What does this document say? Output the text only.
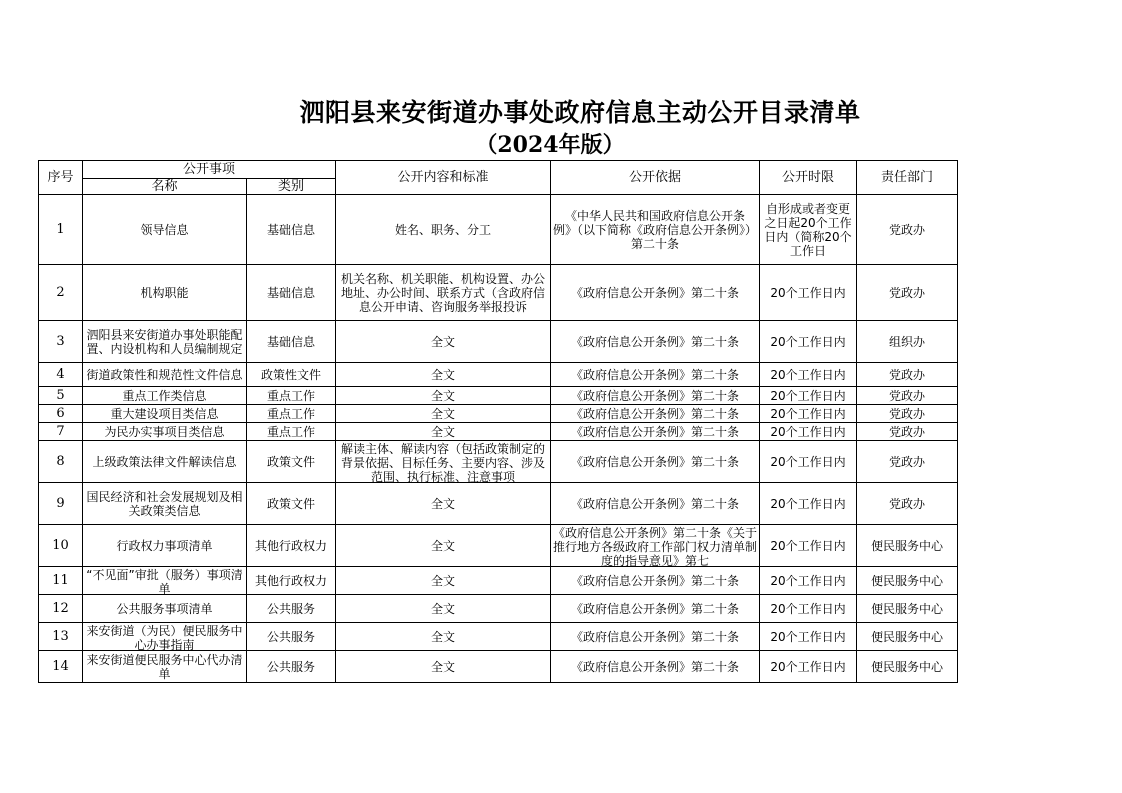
泗阳县来安街道办事处政府信息主动公开目录清单
（2024年版）
序号	公开事项		公开内容和标准	公开依据	公开时限	责任部门
	名称	类别				

1	领导信息	基础信息	姓名、职务、分工	《中华人民共和国政府信息公开条例》（以下简称《政府信息公开条例》）第二十条	自形成或者变更之日起20个工作日内（简称20个工作日	党政办

2	机构职能	基础信息	机关名称、机关职能、机构设置、办公地址、办公时间、联系方式（含政府信息公开申请、咨询服务举报投诉	《政府信息公开条例》第二十条	20个工作日内	党政办

3	泗阳县来安街道办事处职能配置、内设机构和人员编制规定	基础信息	全文	《政府信息公开条例》第二十条	20个工作日内	组织办

4	街道政策性和规范性文件信息	政策性文件	全文	《政府信息公开条例》第二十条	20个工作日内	党政办

5	重点工作类信息	重点工作	全文	《政府信息公开条例》第二十条	20个工作日内	党政办

6	重大建设项目类信息	重点工作	全文	《政府信息公开条例》第二十条	20个工作日内	党政办

7	为民办实事项目类信息	重点工作	全文	《政府信息公开条例》第二十条	20个工作日内	党政办

8	上级政策法律文件解读信息	政策文件	解读主体、解读内容（包括政策制定的背景依据、目标任务、主要内容、涉及范围、执行标准、注意事项	《政府信息公开条例》第二十条	20个工作日内	党政办

9	国民经济和社会发展规划及相关政策类信息	政策文件	全文	《政府信息公开条例》第二十条	20个工作日内	党政办

10	行政权力事项清单	其他行政权力	全文	《政府信息公开条例》第二十条《关于推行地方各级政府工作部门权力清单制度的指导意见》第七	20个工作日内	便民服务中心

11	“不见面”审批（服务）事项清单	其他行政权力	全文	《政府信息公开条例》第二十条	20个工作日内	便民服务中心

12	公共服务事项清单	公共服务	全文	《政府信息公开条例》第二十条	20个工作日内	便民服务中心

13	来安街道（为民）便民服务中心办事指南	公共服务	全文	《政府信息公开条例》第二十条	20个工作日内	便民服务中心

14	来安街道便民服务中心代办清单	公共服务	全文	《政府信息公开条例》第二十条	20个工作日内	便民服务中心
